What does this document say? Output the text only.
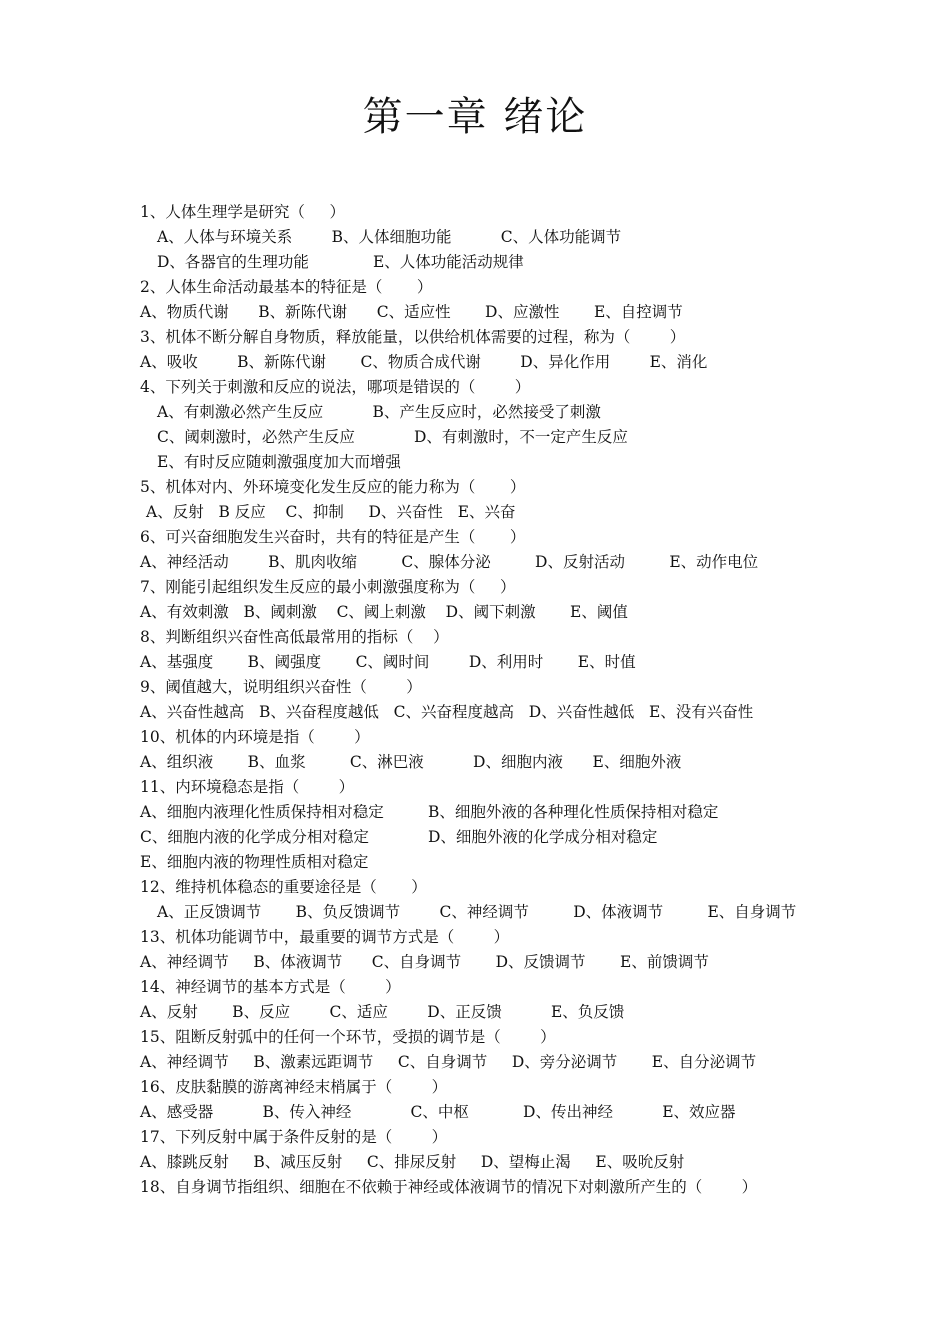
第一章 绪论
1、人体生理学是研究（     ）
A、人体与环境关系        B、人体细胞功能          C、人体功能调节
D、各器官的生理功能             E、人体功能活动规律
2、人体生命活动最基本的特征是（       ）
A、物质代谢      B、新陈代谢      C、适应性       D、应激性       E、自控调节
3、机体不断分解自身物质，释放能量，以供给机体需要的过程，称为（        ）
A、吸收        B、新陈代谢       C、物质合成代谢        D、异化作用        E、消化
4、下列关于刺激和反应的说法，哪项是错误的（        ）
A、有刺激必然产生反应          B、产生反应时，必然接受了刺激
C、阈刺激时，必然产生反应            D、有刺激时，不一定产生反应
E、有时反应随刺激强度加大而增强
5、机体对内、外环境变化发生反应的能力称为（       ）
A、反射   B 反应    C、抑制     D、兴奋性   E、兴奋
6、可兴奋细胞发生兴奋时，共有的特征是产生（       ）
A、神经活动        B、肌肉收缩         C、腺体分泌         D、反射活动         E、动作电位
7、刚能引起组织发生反应的最小刺激强度称为（     ）
A、有效刺激   B、阈刺激    C、阈上刺激    D、阈下刺激       E、阈值
8、判断组织兴奋性高低最常用的指标（    ）
A、基强度       B、阈强度       C、阈时间        D、利用时       E、时值
9、阈值越大，说明组织兴奋性（        ）
A、兴奋性越高   B、兴奋程度越低   C、兴奋程度越高   D、兴奋性越低   E、没有兴奋性
10、机体的内环境是指（        ）
A、组织液       B、血浆         C、淋巴液          D、细胞内液      E、细胞外液
11、内环境稳态是指（        ）
A、细胞内液理化性质保持相对稳定         B、细胞外液的各种理化性质保持相对稳定
C、细胞内液的化学成分相对稳定            D、细胞外液的化学成分相对稳定
E、细胞内液的物理性质相对稳定
12、维持机体稳态的重要途径是（       ）
A、正反馈调节       B、负反馈调节        C、神经调节         D、体液调节         E、自身调节
13、机体功能调节中，最重要的调节方式是（        ）
A、神经调节     B、体液调节      C、自身调节       D、反馈调节       E、前馈调节
14、神经调节的基本方式是（        ）
A、反射       B、反应        C、适应        D、正反馈          E、负反馈
15、阻断反射弧中的任何一个环节，受损的调节是（        ）
A、神经调节     B、激素远距调节     C、自身调节     D、旁分泌调节       E、自分泌调节
16、皮肤黏膜的游离神经末梢属于（        ）
A、感受器          B、传入神经            C、中枢           D、传出神经          E、效应器
17、下列反射中属于条件反射的是（        ）
A、膝跳反射     B、减压反射     C、排尿反射     D、望梅止渴     E、吸吮反射
18、自身调节指组织、细胞在不依赖于神经或体液调节的情况下对刺激所产生的（        ）
